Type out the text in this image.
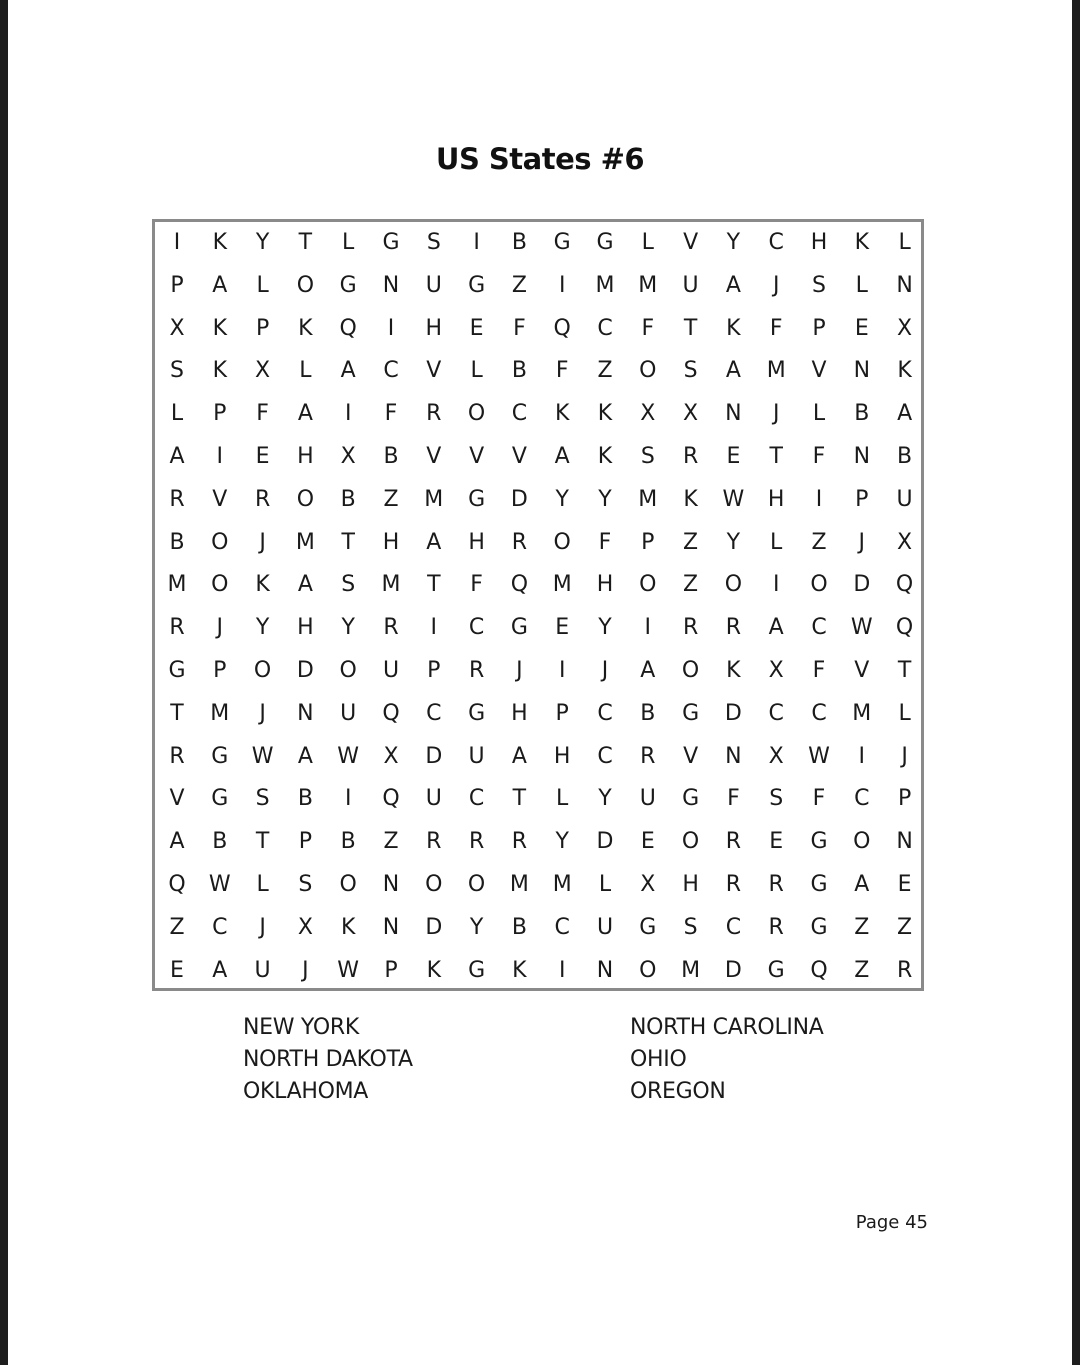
US States #6
I	K	Y	T	L	G	S	I	B	G	G	L	V	Y	C	H	K	L
P	A	L	O	G	N	U	G	Z	I	M	M	U	A	J	S	L	N
X	K	P	K	Q	I	H	E	F	Q	C	F	T	K	F	P	E	X
S	K	X	L	A	C	V	L	B	F	Z	O	S	A	M	V	N	K
L	P	F	A	I	F	R	O	C	K	K	X	X	N	J	L	B	A
A	I	E	H	X	B	V	V	V	A	K	S	R	E	T	F	N	B
R	V	R	O	B	Z	M	G	D	Y	Y	M	K	W	H	I	P	U
B	O	J	M	T	H	A	H	R	O	F	P	Z	Y	L	Z	J	X
M	O	K	A	S	M	T	F	Q	M	H	O	Z	O	I	O	D	Q
R	J	Y	H	Y	R	I	C	G	E	Y	I	R	R	A	C	W	Q
G	P	O	D	O	U	P	R	J	I	J	A	O	K	X	F	V	T
T	M	J	N	U	Q	C	G	H	P	C	B	G	D	C	C	M	L
R	G	W	A	W	X	D	U	A	H	C	R	V	N	X	W	I	J
V	G	S	B	I	Q	U	C	T	L	Y	U	G	F	S	F	C	P
A	B	T	P	B	Z	R	R	R	Y	D	E	O	R	E	G	O	N
Q	W	L	S	O	N	O	O	M	M	L	X	H	R	R	G	A	E
Z	C	J	X	K	N	D	Y	B	C	U	G	S	C	R	G	Z	Z
E	A	U	J	W	P	K	G	K	I	N	O	M	D	G	Q	Z	R
NEW YORK
NORTH DAKOTA
OKLAHOMA
NORTH CAROLINA
OHIO
OREGON
Page 45
